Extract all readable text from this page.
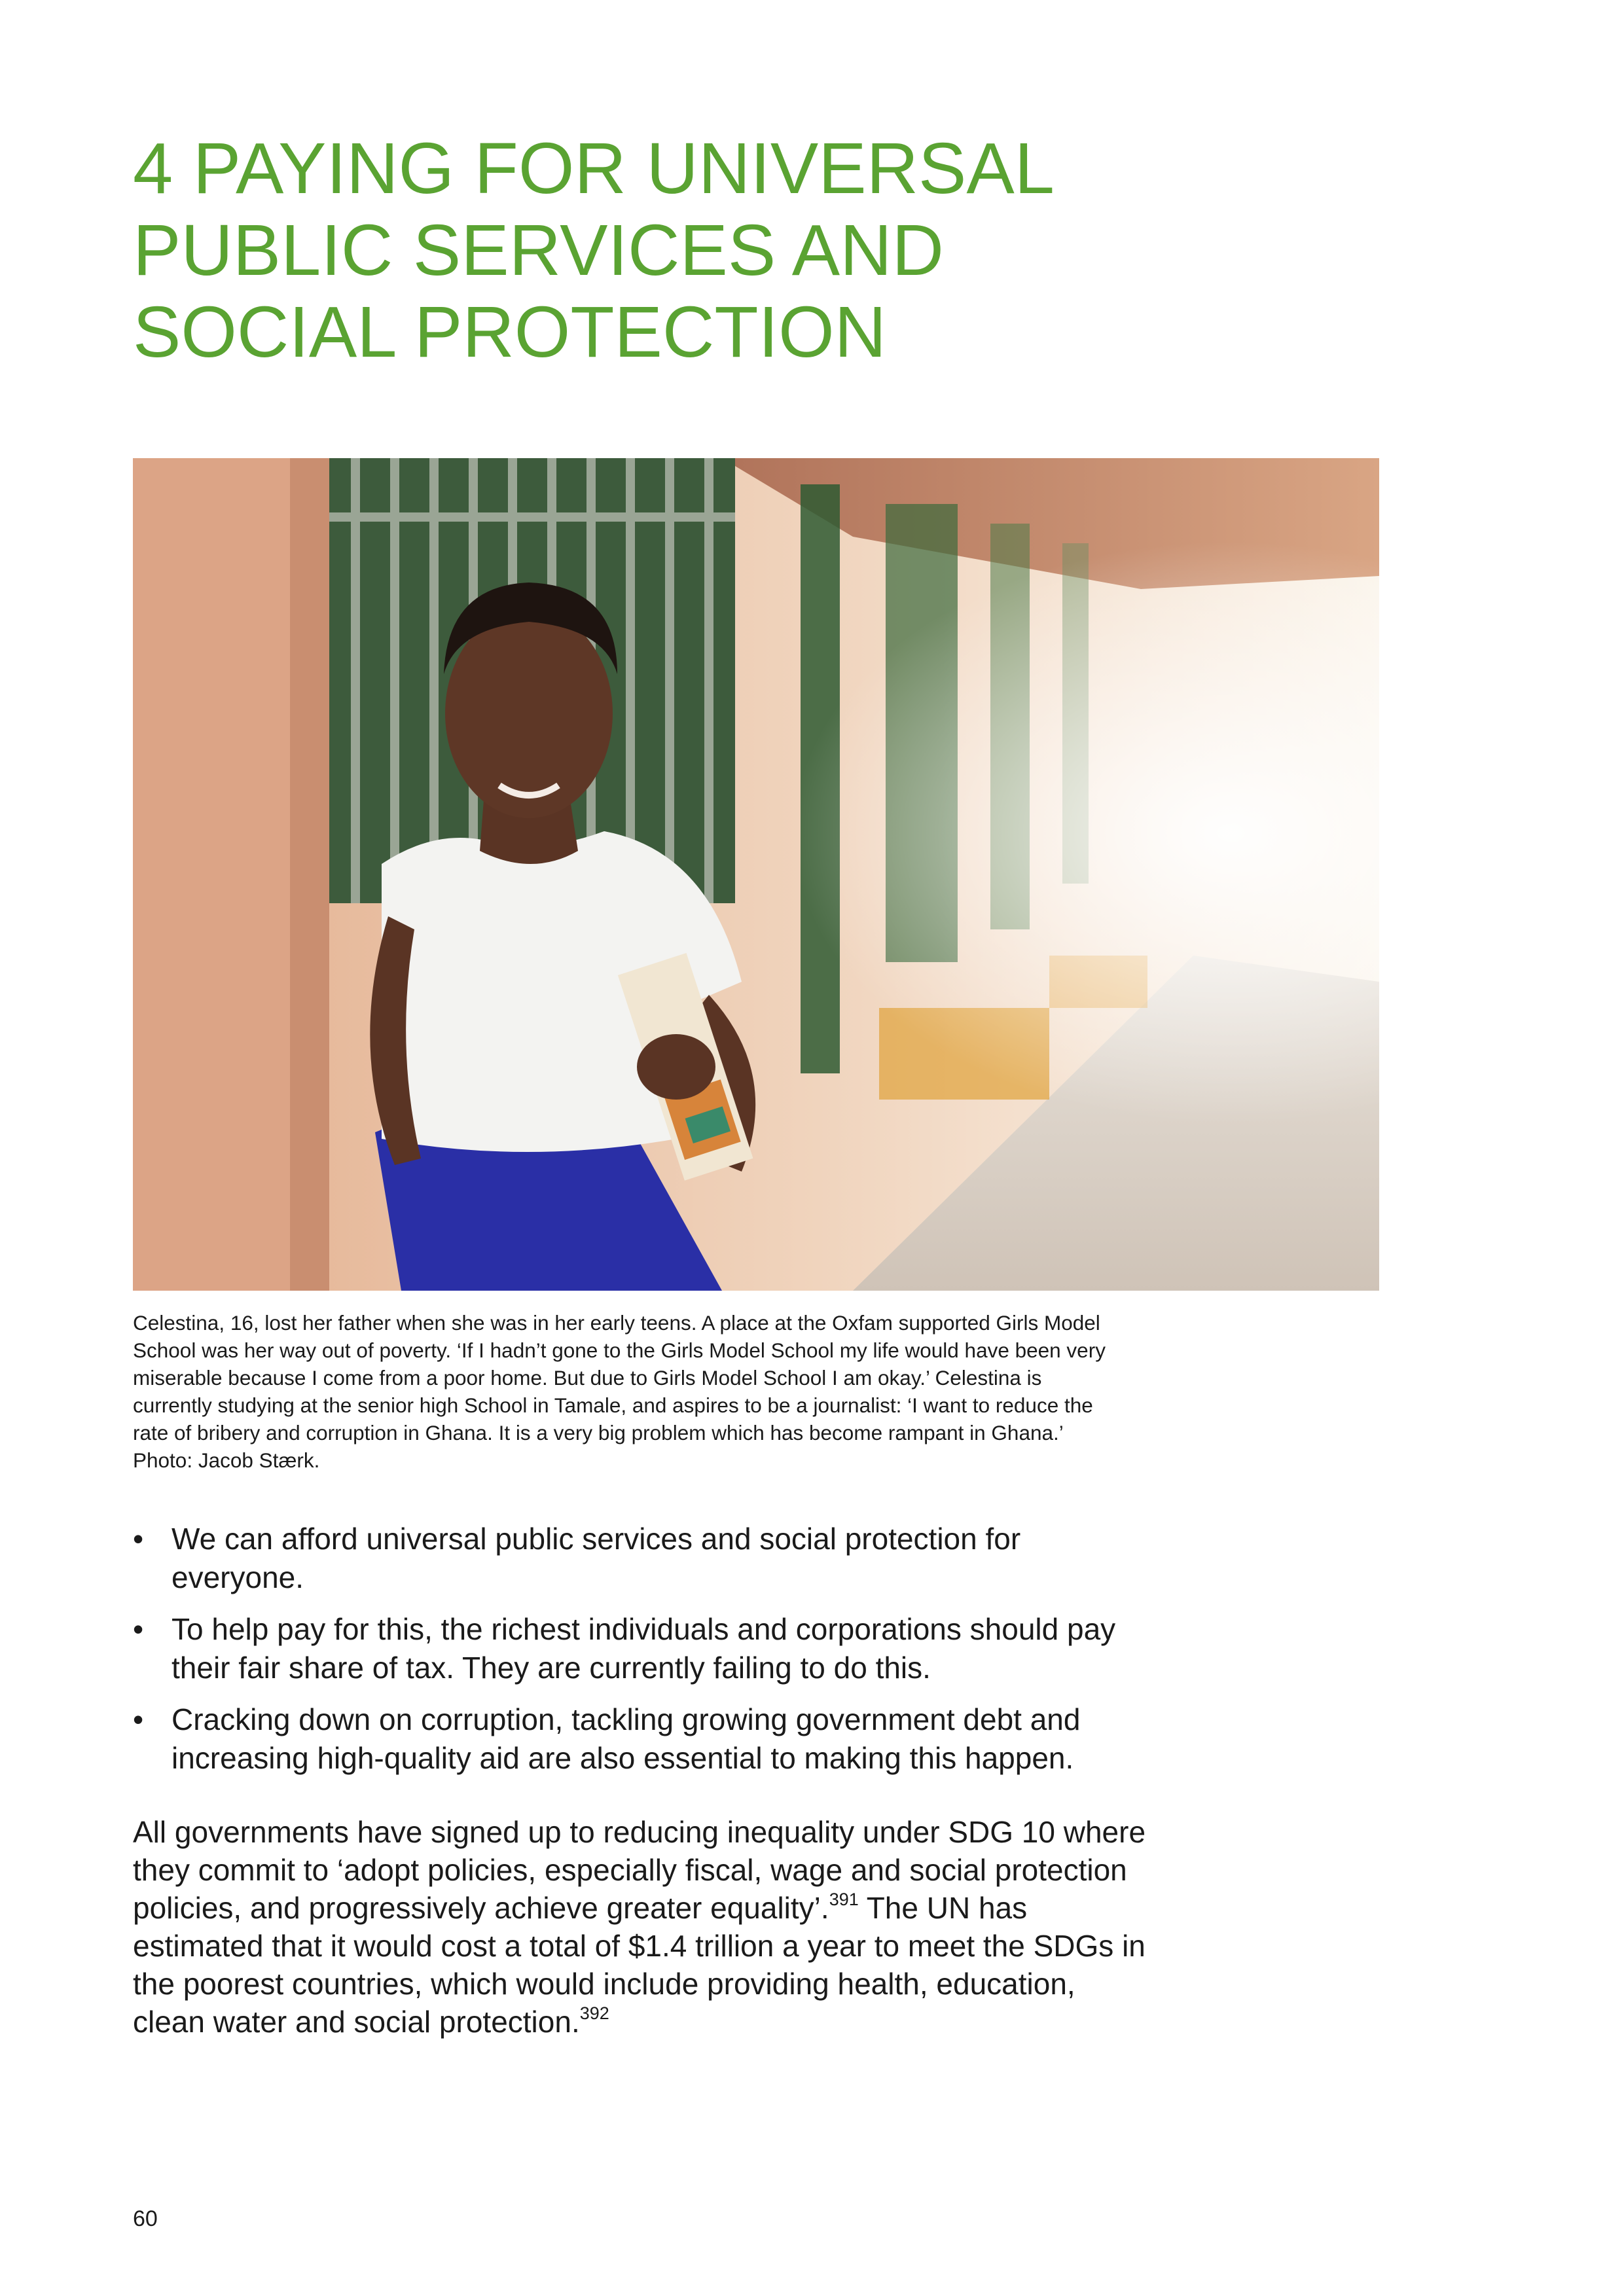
4 PAYING FOR UNIVERSAL
PUBLIC SERVICES AND
SOCIAL PROTECTION

Celestina, 16, lost her father when she was in her early teens. A place at the Oxfam supported Girls Model School was her way out of poverty. ‘If I hadn’t gone to the Girls Model School my life would have been very miserable because I come from a poor home. But due to Girls Model School I am okay.’ Celestina is currently studying at the senior high School in Tamale, and aspires to be a journalist: ‘I want to reduce the rate of bribery and corruption in Ghana. It is a very big problem which has become rampant in Ghana.’ Photo: Jacob Stærk.

• We can afford universal public services and social protection for everyone.
• To help pay for this, the richest individuals and corporations should pay their fair share of tax. They are currently failing to do this.
• Cracking down on corruption, tackling growing government debt and increasing high-quality aid are also essential to making this happen.

All governments have signed up to reducing inequality under SDG 10 where they commit to ‘adopt policies, especially fiscal, wage and social protection policies, and progressively achieve greater equality’.$^{391}$ The UN has estimated that it would cost a total of $1.4 trillion a year to meet the SDGs in the poorest countries, which would include providing health, education, clean water and social protection.$^{392}$

60
